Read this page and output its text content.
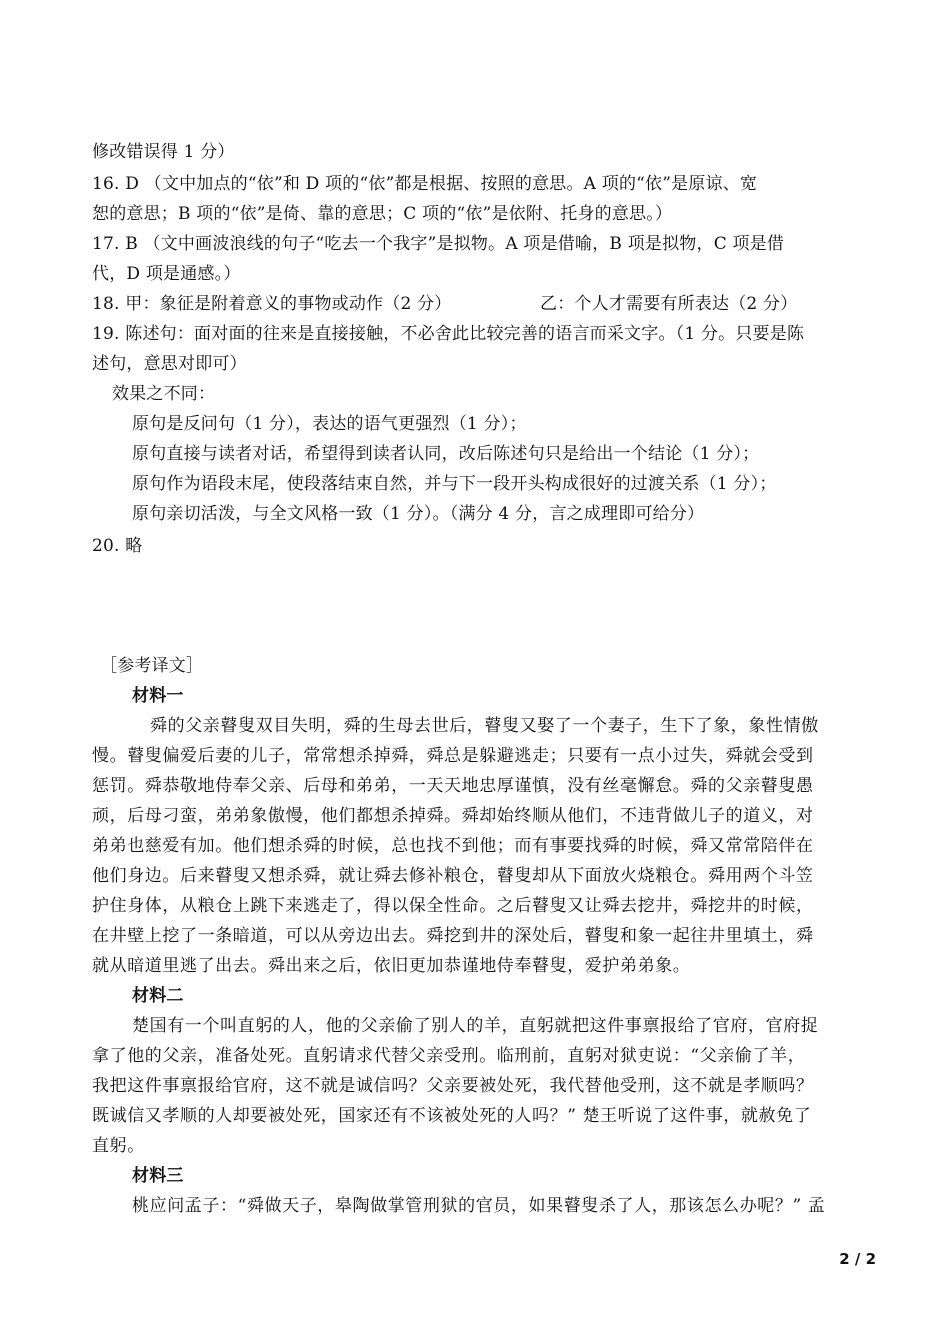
修改错误得 1 分）
16. D （文中加点的“依”和 D 项的“依”都是根据、按照的意思。A 项的“依”是原谅、宽
恕的意思；B 项的“依”是倚、靠的意思；C 项的“依”是依附、托身的意思。）
17. B （文中画波浪线的句子“吃去一个我字”是拟物。A 项是借喻，B 项是拟物，C 项是借
代，D 项是通感。）
18. 甲：象征是附着意义的事物或动作（2 分）	乙：个人才需要有所表达（2 分）
19. 陈述句：面对面的往来是直接接触，不必舍此比较完善的语言而采文字。（1 分。只要是陈
述句，意思对即可）
效果之不同：
原句是反问句（1 分），表达的语气更强烈（1 分）；
原句直接与读者对话，希望得到读者认同，改后陈述句只是给出一个结论（1 分）；
原句作为语段末尾，使段落结束自然，并与下一段开头构成很好的过渡关系（1 分）；
原句亲切活泼，与全文风格一致（1 分）。（满分 4 分，言之成理即可给分）
20. 略
［参考译文］
材料一
舜的父亲瞽叟双目失明，舜的生母去世后，瞽叟又娶了一个妻子，生下了象，象性情傲
慢。瞽叟偏爱后妻的儿子，常常想杀掉舜，舜总是躲避逃走；只要有一点小过失，舜就会受到
惩罚。舜恭敬地侍奉父亲、后母和弟弟，一天天地忠厚谨慎，没有丝毫懈怠。舜的父亲瞽叟愚
顽，后母刁蛮，弟弟象傲慢，他们都想杀掉舜。舜却始终顺从他们，不违背做儿子的道义，对
弟弟也慈爱有加。他们想杀舜的时候，总也找不到他；而有事要找舜的时候，舜又常常陪伴在
他们身边。后来瞽叟又想杀舜，就让舜去修补粮仓，瞽叟却从下面放火烧粮仓。舜用两个斗笠
护住身体，从粮仓上跳下来逃走了，得以保全性命。之后瞽叟又让舜去挖井，舜挖井的时候，
在井壁上挖了一条暗道，可以从旁边出去。舜挖到井的深处后，瞽叟和象一起往井里填土，舜
就从暗道里逃了出去。舜出来之后，依旧更加恭谨地侍奉瞽叟，爱护弟弟象。
材料二
楚国有一个叫直躬的人，他的父亲偷了别人的羊，直躬就把这件事禀报给了官府，官府捉
拿了他的父亲，准备处死。直躬请求代替父亲受刑。临刑前，直躬对狱吏说：“父亲偷了羊，
我把这件事禀报给官府，这不就是诚信吗？父亲要被处死，我代替他受刑，这不就是孝顺吗？
既诚信又孝顺的人却要被处死，国家还有不该被处死的人吗？” 楚王听说了这件事，就赦免了
直躬。
材料三
桃应问孟子：“舜做天子，皋陶做掌管刑狱的官员，如果瞽叟杀了人，那该怎么办呢？” 孟
2 / 2
